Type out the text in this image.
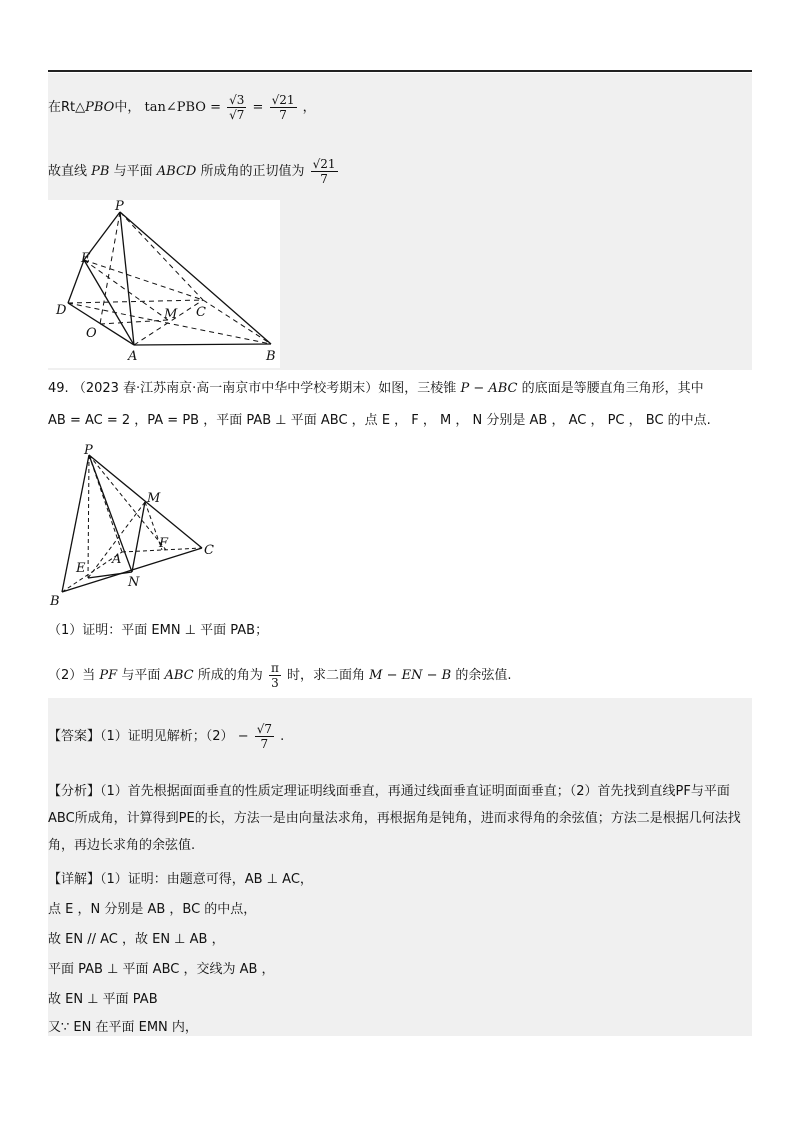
在Rt△PBO中， tan∠PBO = $\frac{√3}{√7} = \frac{√21}{7}$ ，
故直线 PB 与平面 ABCD 所成角的正切值为 $\frac{√21}{7}$
P
E
D
O
A
M C
B
49. （2023 春·江苏南京·高一南京市中华中学校考期末）如图，三棱锥 P − ABC 的底面是等腰直角三角形，其中
AB = AC = 2 ，PA = PB ，平面 PAB ⊥ 平面 ABC ，点 E ， F ， M ， N 分别是 AB ， AC ， PC ， BC 的中点.
P
M
F	C
A
E
N
B
（1）证明：平面 EMN ⊥ 平面 PAB；
（2）当 PF 与平面 ABC 所成的角为 $\frac{\pi}{3}$ 时，求二面角 M − EN − B 的余弦值.
【答案】（1）证明见解析；$(2) - \frac{√7}{7}$ .
【分析】（1）首先根据面面垂直的性质定理证明线面垂直，再通过线面垂直证明面面垂直；（2）首先找到直线PF与平面ABC所成角，计算得到PE的长，方法一是由向量法求角，再根据角是钝角，进而求得角的余弦值；方法二是根据几何法找角，再边长求角的余弦值.
【详解】（1）证明：由题意可得，AB ⊥ AC，
点 E ，N 分别是 AB ，BC 的中点，
故 EN // AC ，故 EN ⊥ AB ，
平面 PAB ⊥ 平面 ABC ，交线为 AB ，
故 EN ⊥ 平面 PAB
又∵ EN 在平面 EMN 内，
